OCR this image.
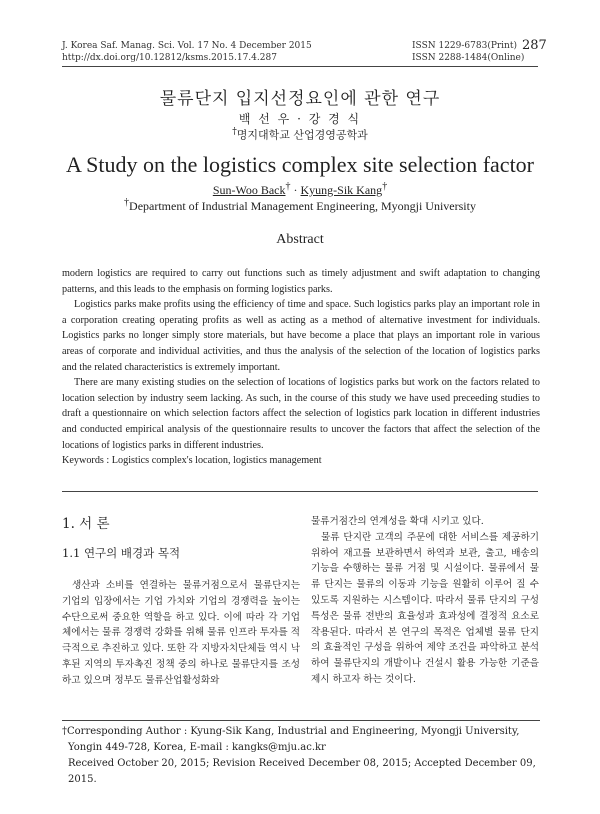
J. Korea Saf. Manag. Sci. Vol. 17 No. 4 December 2015
http://dx.doi.org/10.12812/ksms.2015.17.4.287
ISSN 1229-6783(Print)
ISSN 2288-1484(Online)
287
물류단지 입지선정요인에 관한 연구
백 선 우 · 강 경 식
†명지대학교 산업경영공학과
A Study on the logistics complex site selection factor
Sun-Woo Back† · Kyung-Sik Kang†
†Department of Industrial Management Engineering, Myongji University
Abstract

modern logistics are required to carry out functions such as timely adjustment and swift adaptation to changing patterns, and this leads to the emphasis on forming logistics parks.

Logistics parks make profits using the efficiency of time and space. Such logistics parks play an important role in a corporation creating operating profits as well as acting as a method of alternative investment for individuals. Logistics parks no longer simply store materials, but have become a place that plays an important role in various areas of corporate and individual activities, and thus the analysis of the selection of the location of logistics parks and the related characteristics is extremely important.

There are many existing studies on the selection of locations of logistics parks but work on the factors related to location selection by industry seem lacking. As such, in the course of this study we have used preceeding studies to draft a questionnaire on which selection factors affect the selection of logistics park location in different industries and conducted empirical analysis of the questionnaire results to uncover the factors that affect the selection of the locations of logistics parks in different industries.

Keywords : Logistics complex's location, logistics management
1. 서 론
1.1 연구의 배경과 목적

생산과 소비를 연결하는 물류거점으로서 물류단지는 기업의 입장에서는 기업 가치와 기업의 경쟁력을 높이는 수단으로써 중요한 역할을 하고 있다. 이에 따라 각 기업체에서는 물류 경쟁력 강화를 위해 물류 인프라 투자를 적극적으로 추진하고 있다. 또한 각 지방자치단체들 역시 낙후된 지역의 투자촉진 정책 중의 하나로 물류단지를 조성하고 있으며 정부도 물류산업활성화와

물류거점간의 연계성을 확대 시키고 있다.

물류 단지란 고객의 주문에 대한 서비스를 제공하기 위하여 재고를 보관하면서 하역과 보관, 출고, 배송의 기능을 수행하는 물류 거점 및 시설이다. 물류에서 물류 단지는 물류의 이동과 기능을 원활히 이루어 질 수 있도록 지원하는 시스템이다. 따라서 물류 단지의 구성 특성은 물류 전반의 효율성과 효과성에 결정적 요소로 작용된다. 따라서 본 연구의 목적은 업체별 물류 단지의 효율적인 구성을 위하여 제약 조건을 파악하고 분석하여 물류단지의 개발이나 건설시 활용 가능한 기준을 제시 하고자 하는 것이다.

†Corresponding Author : Kyung-Sik Kang, Industrial and Engineering, Myongji University,
Yongin 449-728, Korea, E-mail : kangks@mju.ac.kr
Received October 20, 2015; Revision Received December 08, 2015; Accepted December 09, 2015.
